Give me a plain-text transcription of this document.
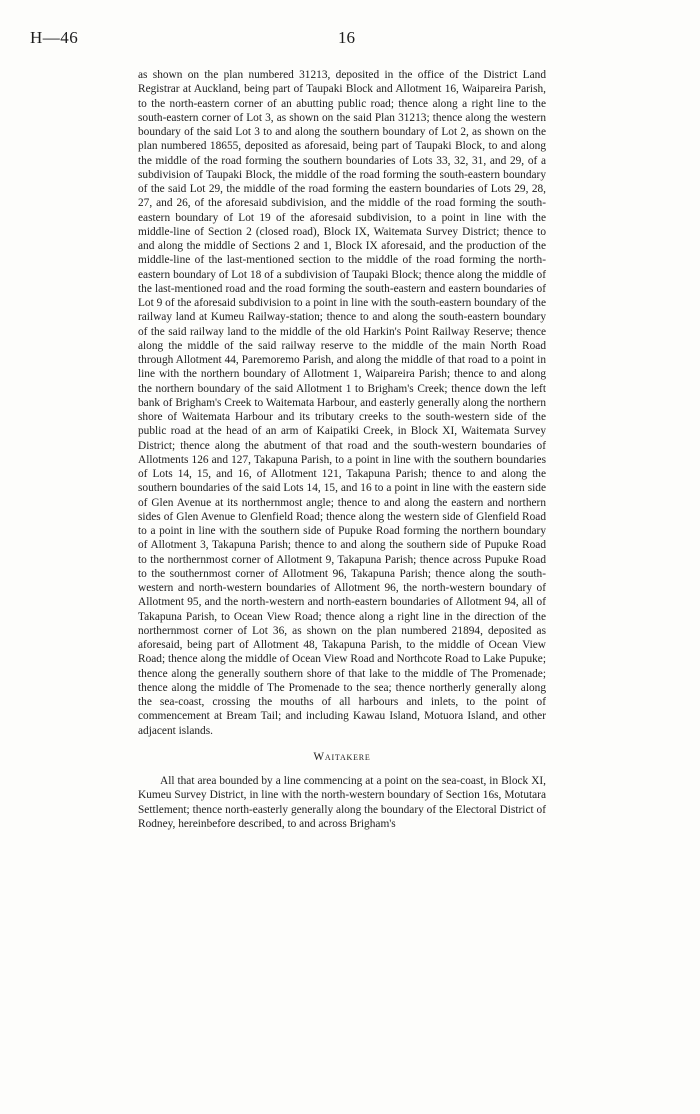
H—46	16

as shown on the plan numbered 31213, deposited in the office of the District Land Registrar at Auckland, being part of Taupaki Block and Allotment 16, Waipareira Parish, to the north-eastern corner of an abutting public road; thence along a right line to the south-eastern corner of Lot 3, as shown on the said Plan 31213; thence along the western boundary of the said Lot 3 to and along the southern boundary of Lot 2, as shown on the plan numbered 18655, deposited as aforesaid, being part of Taupaki Block, to and along the middle of the road forming the southern boundaries of Lots 33, 32, 31, and 29, of a subdivision of Taupaki Block, the middle of the road forming the south-eastern boundary of the said Lot 29, the middle of the road forming the eastern boundaries of Lots 29, 28, 27, and 26, of the aforesaid subdivision, and the middle of the road forming the south-eastern boundary of Lot 19 of the aforesaid subdivision, to a point in line with the middle-line of Section 2 (closed road), Block IX, Waitemata Survey District; thence to and along the middle of Sections 2 and 1, Block IX aforesaid, and the production of the middle-line of the last-mentioned section to the middle of the road forming the north-eastern boundary of Lot 18 of a subdivision of Taupaki Block; thence along the middle of the last-mentioned road and the road forming the south-eastern and eastern boundaries of Lot 9 of the aforesaid subdivision to a point in line with the south-eastern boundary of the railway land at Kumeu Railway-station; thence to and along the south-eastern boundary of the said railway land to the middle of the old Harkin's Point Railway Reserve; thence along the middle of the said railway reserve to the middle of the main North Road through Allotment 44, Paremoremo Parish, and along the middle of that road to a point in line with the northern boundary of Allotment 1, Waipareira Parish; thence to and along the northern boundary of the said Allotment 1 to Brigham's Creek; thence down the left bank of Brigham's Creek to Waitemata Harbour, and easterly generally along the northern shore of Waitemata Harbour and its tributary creeks to the south-western side of the public road at the head of an arm of Kaipatiki Creek, in Block XI, Waitemata Survey District; thence along the abutment of that road and the south-western boundaries of Allotments 126 and 127, Takapuna Parish, to a point in line with the southern boundaries of Lots 14, 15, and 16, of Allotment 121, Takapuna Parish; thence to and along the southern boundaries of the said Lots 14, 15, and 16 to a point in line with the eastern side of Glen Avenue at its northernmost angle; thence to and along the eastern and northern sides of Glen Avenue to Glenfield Road; thence along the western side of Glenfield Road to a point in line with the southern side of Pupuke Road forming the northern boundary of Allotment 3, Takapuna Parish; thence to and along the southern side of Pupuke Road to the northernmost corner of Allotment 9, Takapuna Parish; thence across Pupuke Road to the southernmost corner of Allotment 96, Takapuna Parish; thence along the south-western and north-western boundaries of Allotment 96, the north-western boundary of Allotment 95, and the north-western and north-eastern boundaries of Allotment 94, all of Takapuna Parish, to Ocean View Road; thence along a right line in the direction of the northernmost corner of Lot 36, as shown on the plan numbered 21894, deposited as aforesaid, being part of Allotment 48, Takapuna Parish, to the middle of Ocean View Road; thence along the middle of Ocean View Road and Northcote Road to Lake Pupuke; thence along the generally southern shore of that lake to the middle of The Promenade; thence along the middle of The Promenade to the sea; thence northerly generally along the sea-coast, crossing the mouths of all harbours and inlets, to the point of commencement at Bream Tail; and including Kawau Island, Motuora Island, and other adjacent islands.

Waitakere

All that area bounded by a line commencing at a point on the sea-coast, in Block XI, Kumeu Survey District, in line with the north-western boundary of Section 16s, Motutara Settlement; thence north-easterly generally along the boundary of the Electoral District of Rodney, hereinbefore described, to and across Brigham's
